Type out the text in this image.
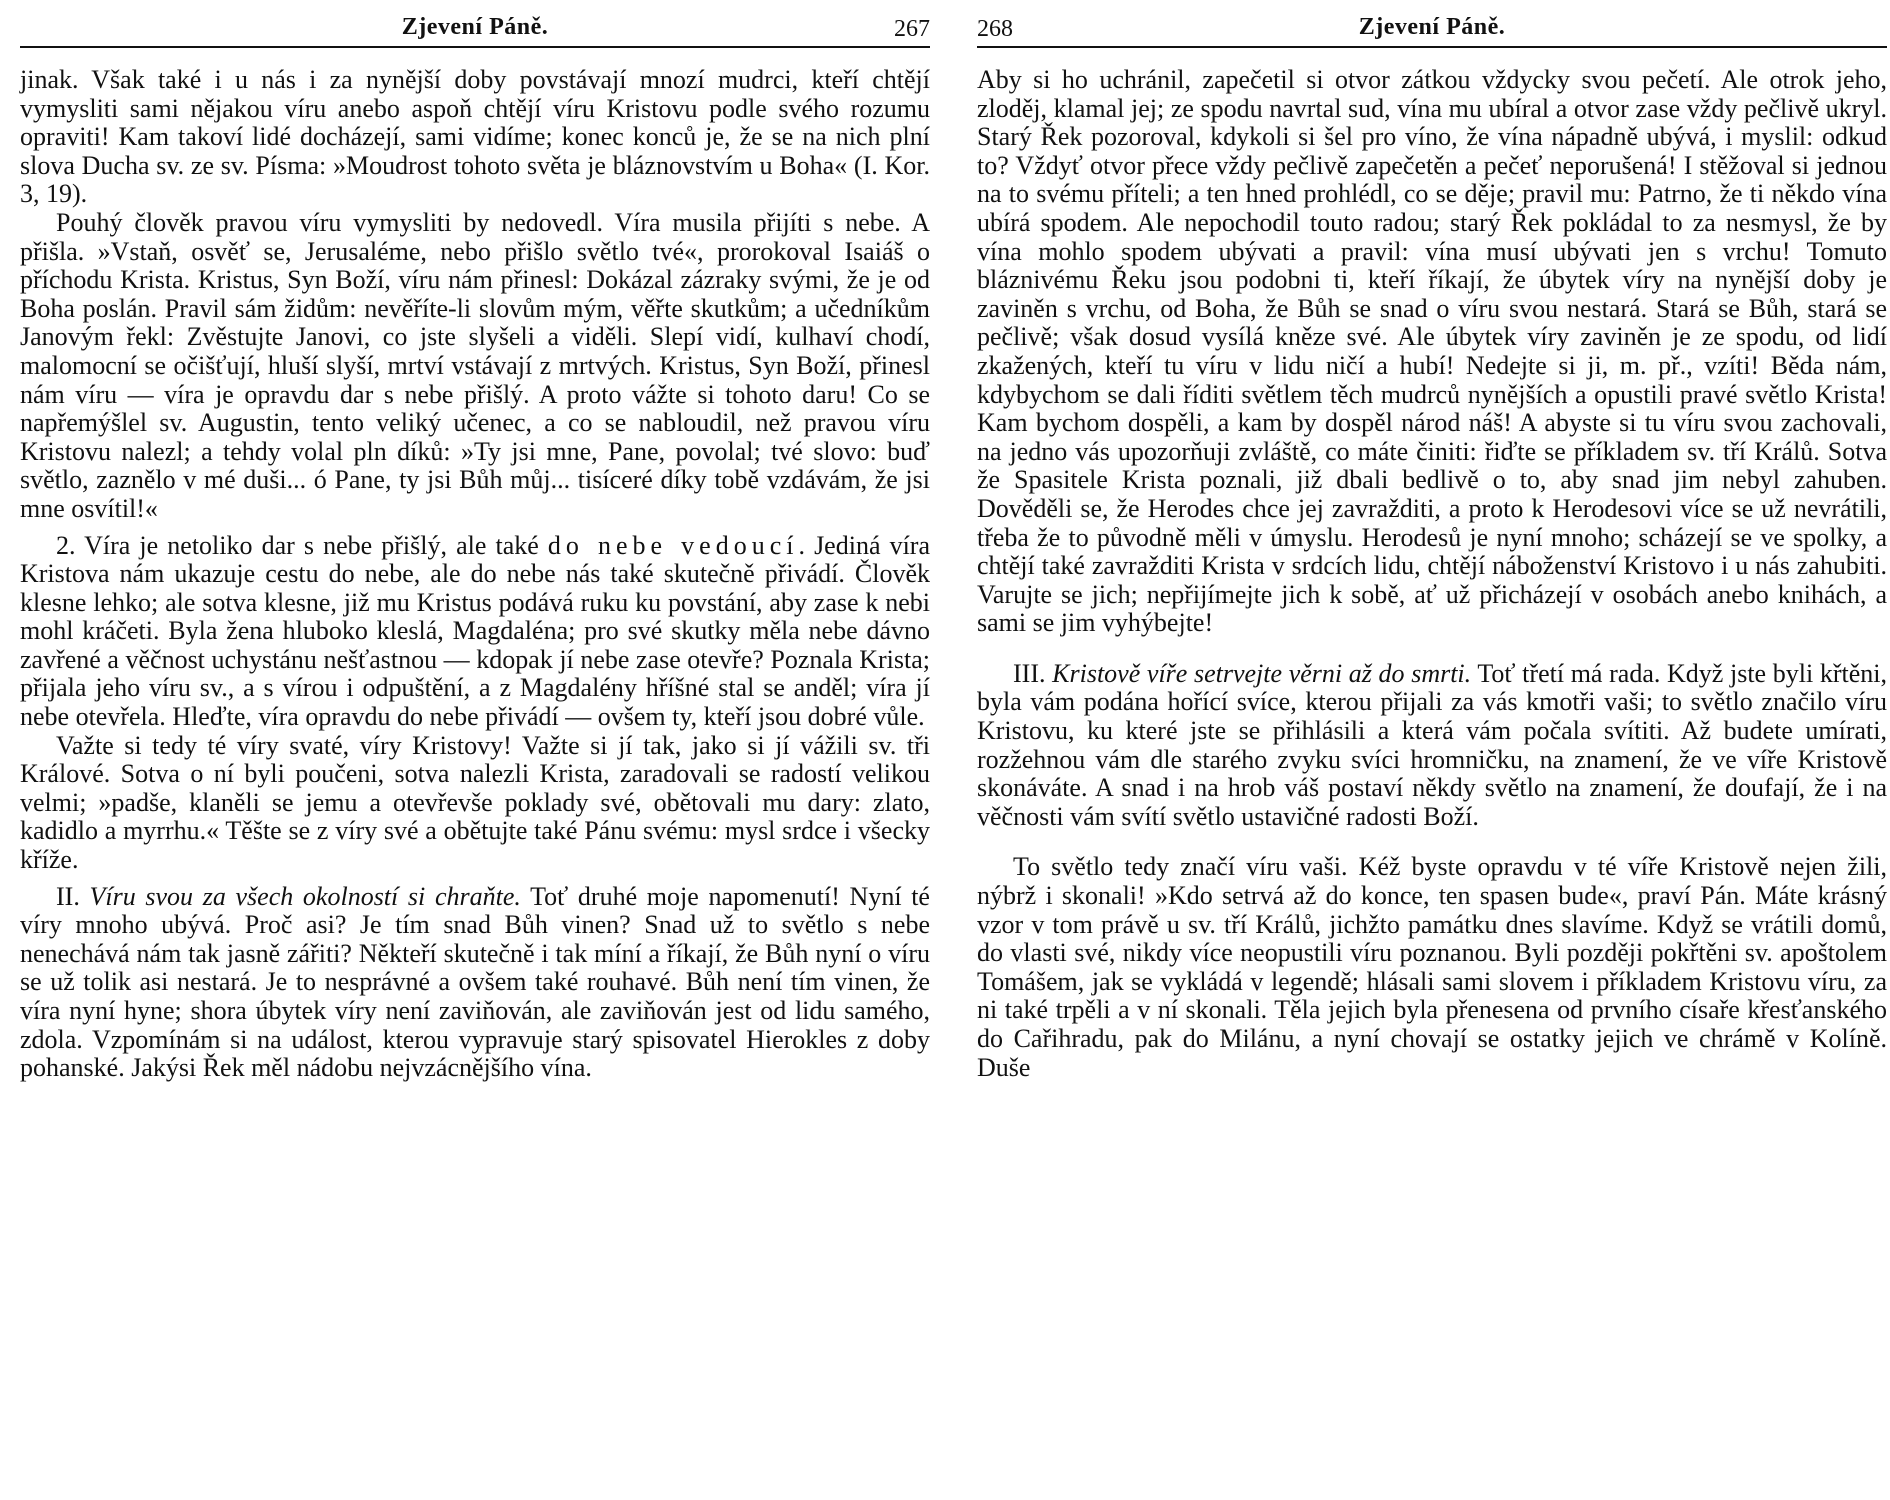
Zjevení Páně.	267

jinak. Však také i u nás i za nynější doby povstávají mnozí mudrci, kteří chtějí vymysliti sami nějakou víru anebo aspoň chtějí víru Kristovu podle svého rozumu opraviti! Kam takoví lidé docházejí, sami vidíme; konec konců je, že se na nich plní slova Ducha sv. ze sv. Písma: »Moudrost tohoto světa je bláznovstvím u Boha« (I. Kor. 3, 19).

Pouhý člověk pravou víru vymysliti by nedovedl. Víra musila přijíti s nebe. A přišla. »Vstaň, osvěť se, Jerusaléme, nebo přišlo světlo tvé«, prorokoval Isaiáš o příchodu Krista. Kristus, Syn Boží, víru nám přinesl: Dokázal zázraky svými, že je od Boha poslán. Pravil sám židům: nevěříte-li slovům mým, věřte skutkům; a učedníkům Janovým řekl: Zvěstujte Janovi, co jste slyšeli a viděli. Slepí vidí, kulhaví chodí, malomocní se očišťují, hluší slyší, mrtví vstávají z mrtvých. Kristus, Syn Boží, přinesl nám víru — víra je opravdu dar s nebe přišlý. A proto vážte si tohoto daru! Co se napřemýšlel sv. Augustin, tento veliký učenec, a co se nabloudil, než pravou víru Kristovu nalezl; a tehdy volal pln díků: »Ty jsi mne, Pane, povolal; tvé slovo: buď světlo, zaznělo v mé duši... ó Pane, ty jsi Bůh můj... tisíceré díky tobě vzdávám, že jsi mne osvítil!«

2. Víra je netoliko dar s nebe přišlý, ale také do nebe vedoucí. Jediná víra Kristova nám ukazuje cestu do nebe, ale do nebe nás také skutečně přivádí. Člověk klesne lehko; ale sotva klesne, již mu Kristus podává ruku ku povstání, aby zase k nebi mohl kráčeti. Byla žena hluboko kleslá, Magdaléna; pro své skutky měla nebe dávno zavřené a věčnost uchystánu nešťastnou — kdopak jí nebe zase otevře? Poznala Krista; přijala jeho víru sv., a s vírou i odpuštění, a z Magdalény hříšné stal se anděl; víra jí nebe otevřela. Hleďte, víra opravdu do nebe přivádí — ovšem ty, kteří jsou dobré vůle.

Važte si tedy té víry svaté, víry Kristovy! Važte si jí tak, jako si jí vážili sv. tři Králové. Sotva o ní byli poučeni, sotva nalezli Krista, zaradovali se radostí velikou velmi; »padše, klaněli se jemu a otevřevše poklady své, obětovali mu dary: zlato, kadidlo a myrrhu.« Těšte se z víry své a obětujte také Pánu svému: mysl srdce i všecky kříže.

II. Víru svou za všech okolností si chraňte. Toť druhé moje napomenutí! Nyní té víry mnoho ubývá. Proč asi? Je tím snad Bůh vinen? Snad už to světlo s nebe nenechává nám tak jasně zářiti? Někteří skutečně i tak míní a říkají, že Bůh nyní o víru se už tolik asi nestará. Je to nesprávné a ovšem také rouhavé. Bůh není tím vinen, že víra nyní hyne; shora úbytek víry není zaviňován, ale zaviňován jest od lidu samého, zdola. Vzpomínám si na událost, kterou vypravuje starý spisovatel Hierokles z doby pohanské. Jakýsi Řek měl nádobu nejvzácnějšího vína.

268	Zjevení Páně.

Aby si ho uchránil, zapečetil si otvor zátkou vždycky svou pečetí. Ale otrok jeho, zloděj, klamal jej; ze spodu navrtal sud, vína mu ubíral a otvor zase vždy pečlivě ukryl. Starý Řek pozoroval, kdykoli si šel pro víno, že vína nápadně ubývá, i myslil: odkud to? Vždyť otvor přece vždy pečlivě zapečetěn a pečeť neporušená! I stěžoval si jednou na to svému příteli; a ten hned prohlédl, co se děje; pravil mu: Patrno, že ti někdo vína ubírá spodem. Ale nepochodil touto radou; starý Řek pokládal to za nesmysl, že by vína mohlo spodem ubývati a pravil: vína musí ubývati jen s vrchu! Tomuto bláznivému Řeku jsou podobni ti, kteří říkají, že úbytek víry na nynější doby je zaviněn s vrchu, od Boha, že Bůh se snad o víru svou nestará. Stará se Bůh, stará se pečlivě; však dosud vysílá kněze své. Ale úbytek víry zaviněn je ze spodu, od lidí zkažených, kteří tu víru v lidu ničí a hubí! Nedejte si ji, m. př., vzíti! Běda nám, kdybychom se dali říditi světlem těch mudrců nynějších a opustili pravé světlo Krista! Kam bychom dospěli, a kam by dospěl národ náš! A abyste si tu víru svou zachovali, na jedno vás upozorňuji zvláště, co máte činiti: řiďte se příkladem sv. tří Králů. Sotva že Spasitele Krista poznali, již dbali bedlivě o to, aby snad jim nebyl zahuben. Dověděli se, že Herodes chce jej zavražditi, a proto k Herodesovi více se už nevrátili, třeba že to původně měli v úmyslu. Herodesů je nyní mnoho; scházejí se ve spolky, a chtějí také zavražditi Krista v srdcích lidu, chtějí náboženství Kristovo i u nás zahubiti. Varujte se jich; nepřijímejte jich k sobě, ať už přicházejí v osobách anebo knihách, a sami se jim vyhýbejte!

III. Kristově víře setrvejte věrni až do smrti. Toť třetí má rada. Když jste byli křtěni, byla vám podána hořící svíce, kterou přijali za vás kmotři vaši; to světlo značilo víru Kristovu, ku které jste se přihlásili a která vám počala svítiti. Až budete umírati, rozžehnou vám dle starého zvyku svíci hromničku, na znamení, že ve víře Kristově skonáváte. A snad i na hrob váš postaví někdy světlo na znamení, že doufají, že i na věčnosti vám svítí světlo ustavičné radosti Boží.

To světlo tedy značí víru vaši. Kéž byste opravdu v té víře Kristově nejen žili, nýbrž i skonali! »Kdo setrvá až do konce, ten spasen bude«, praví Pán. Máte krásný vzor v tom právě u sv. tří Králů, jichžto památku dnes slavíme. Když se vrátili domů, do vlasti své, nikdy více neopustili víru poznanou. Byli později pokřtěni sv. apoštolem Tomášem, jak se vykládá v legendě; hlásali sami slovem i příkladem Kristovu víru, za ni také trpěli a v ní skonali. Těla jejich byla přenesena od prvního císaře křesťanského do Cařihradu, pak do Milánu, a nyní chovají se ostatky jejich ve chrámě v Kolíně. Duše
